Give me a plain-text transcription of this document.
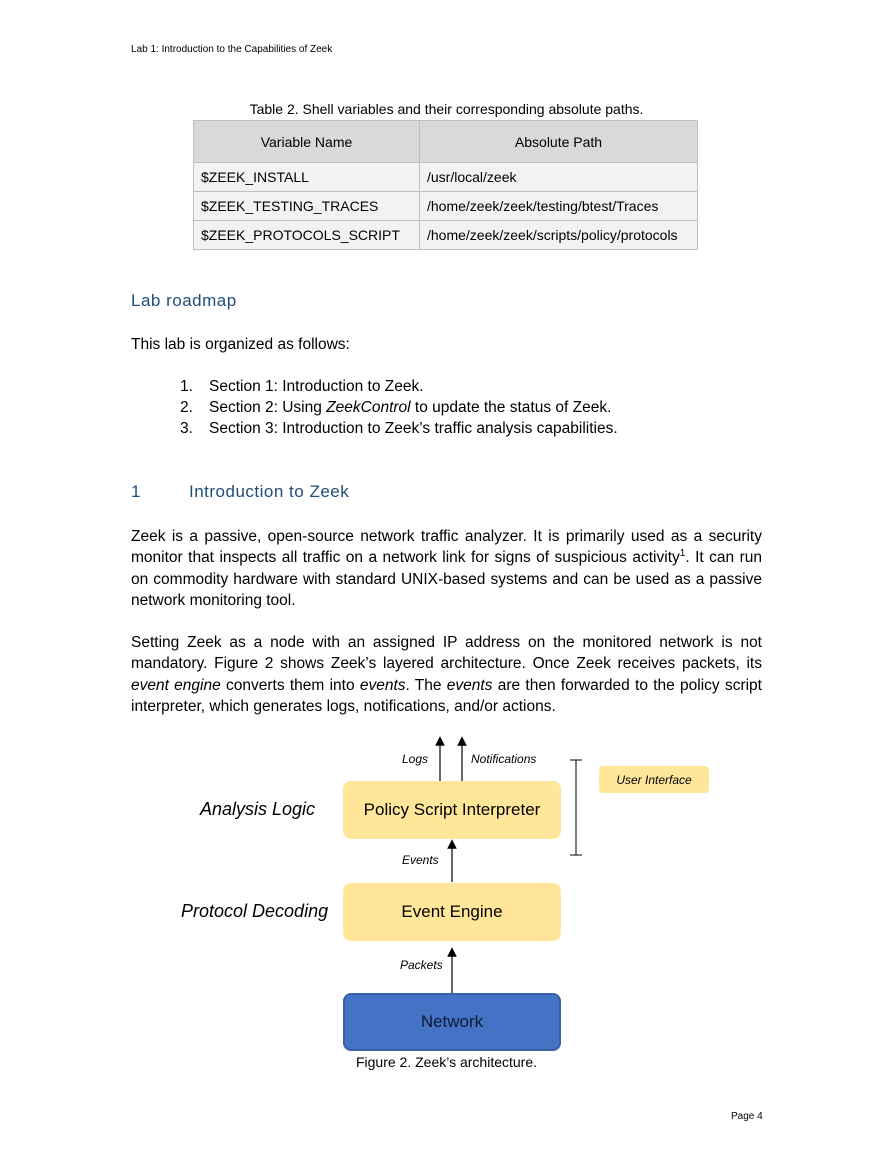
Lab 1: Introduction to the Capabilities of Zeek
Table 2. Shell variables and their corresponding absolute paths.
Variable Name	Absolute Path
$ZEEK_INSTALL	/usr/local/zeek
$ZEEK_TESTING_TRACES	/home/zeek/zeek/testing/btest/Traces
$ZEEK_PROTOCOLS_SCRIPT	/home/zeek/zeek/scripts/policy/protocols
Lab roadmap
This lab is organized as follows:
1. Section 1: Introduction to Zeek.
2. Section 2: Using ZeekControl to update the status of Zeek.
3. Section 3: Introduction to Zeek’s traffic analysis capabilities.
1	Introduction to Zeek

Zeek is a passive, open-source network traffic analyzer. It is primarily used as a security monitor that inspects all traffic on a network link for signs of suspicious activity$^1$. It can run on commodity hardware with standard UNIX-based systems and can be used as a passive network monitoring tool.

Setting Zeek as a node with an assigned IP address on the monitored network is not mandatory. Figure 2 shows Zeek’s layered architecture. Once Zeek receives packets, its event engine converts them into events. The events are then forwarded to the policy script interpreter, which generates logs, notifications, and/or actions.

Logs	Notifications
User Interface
Analysis Logic	Policy Script Interpreter
Events
Protocol Decoding	Event Engine
Packets
Network
Figure 2. Zeek’s architecture.
Page 4
